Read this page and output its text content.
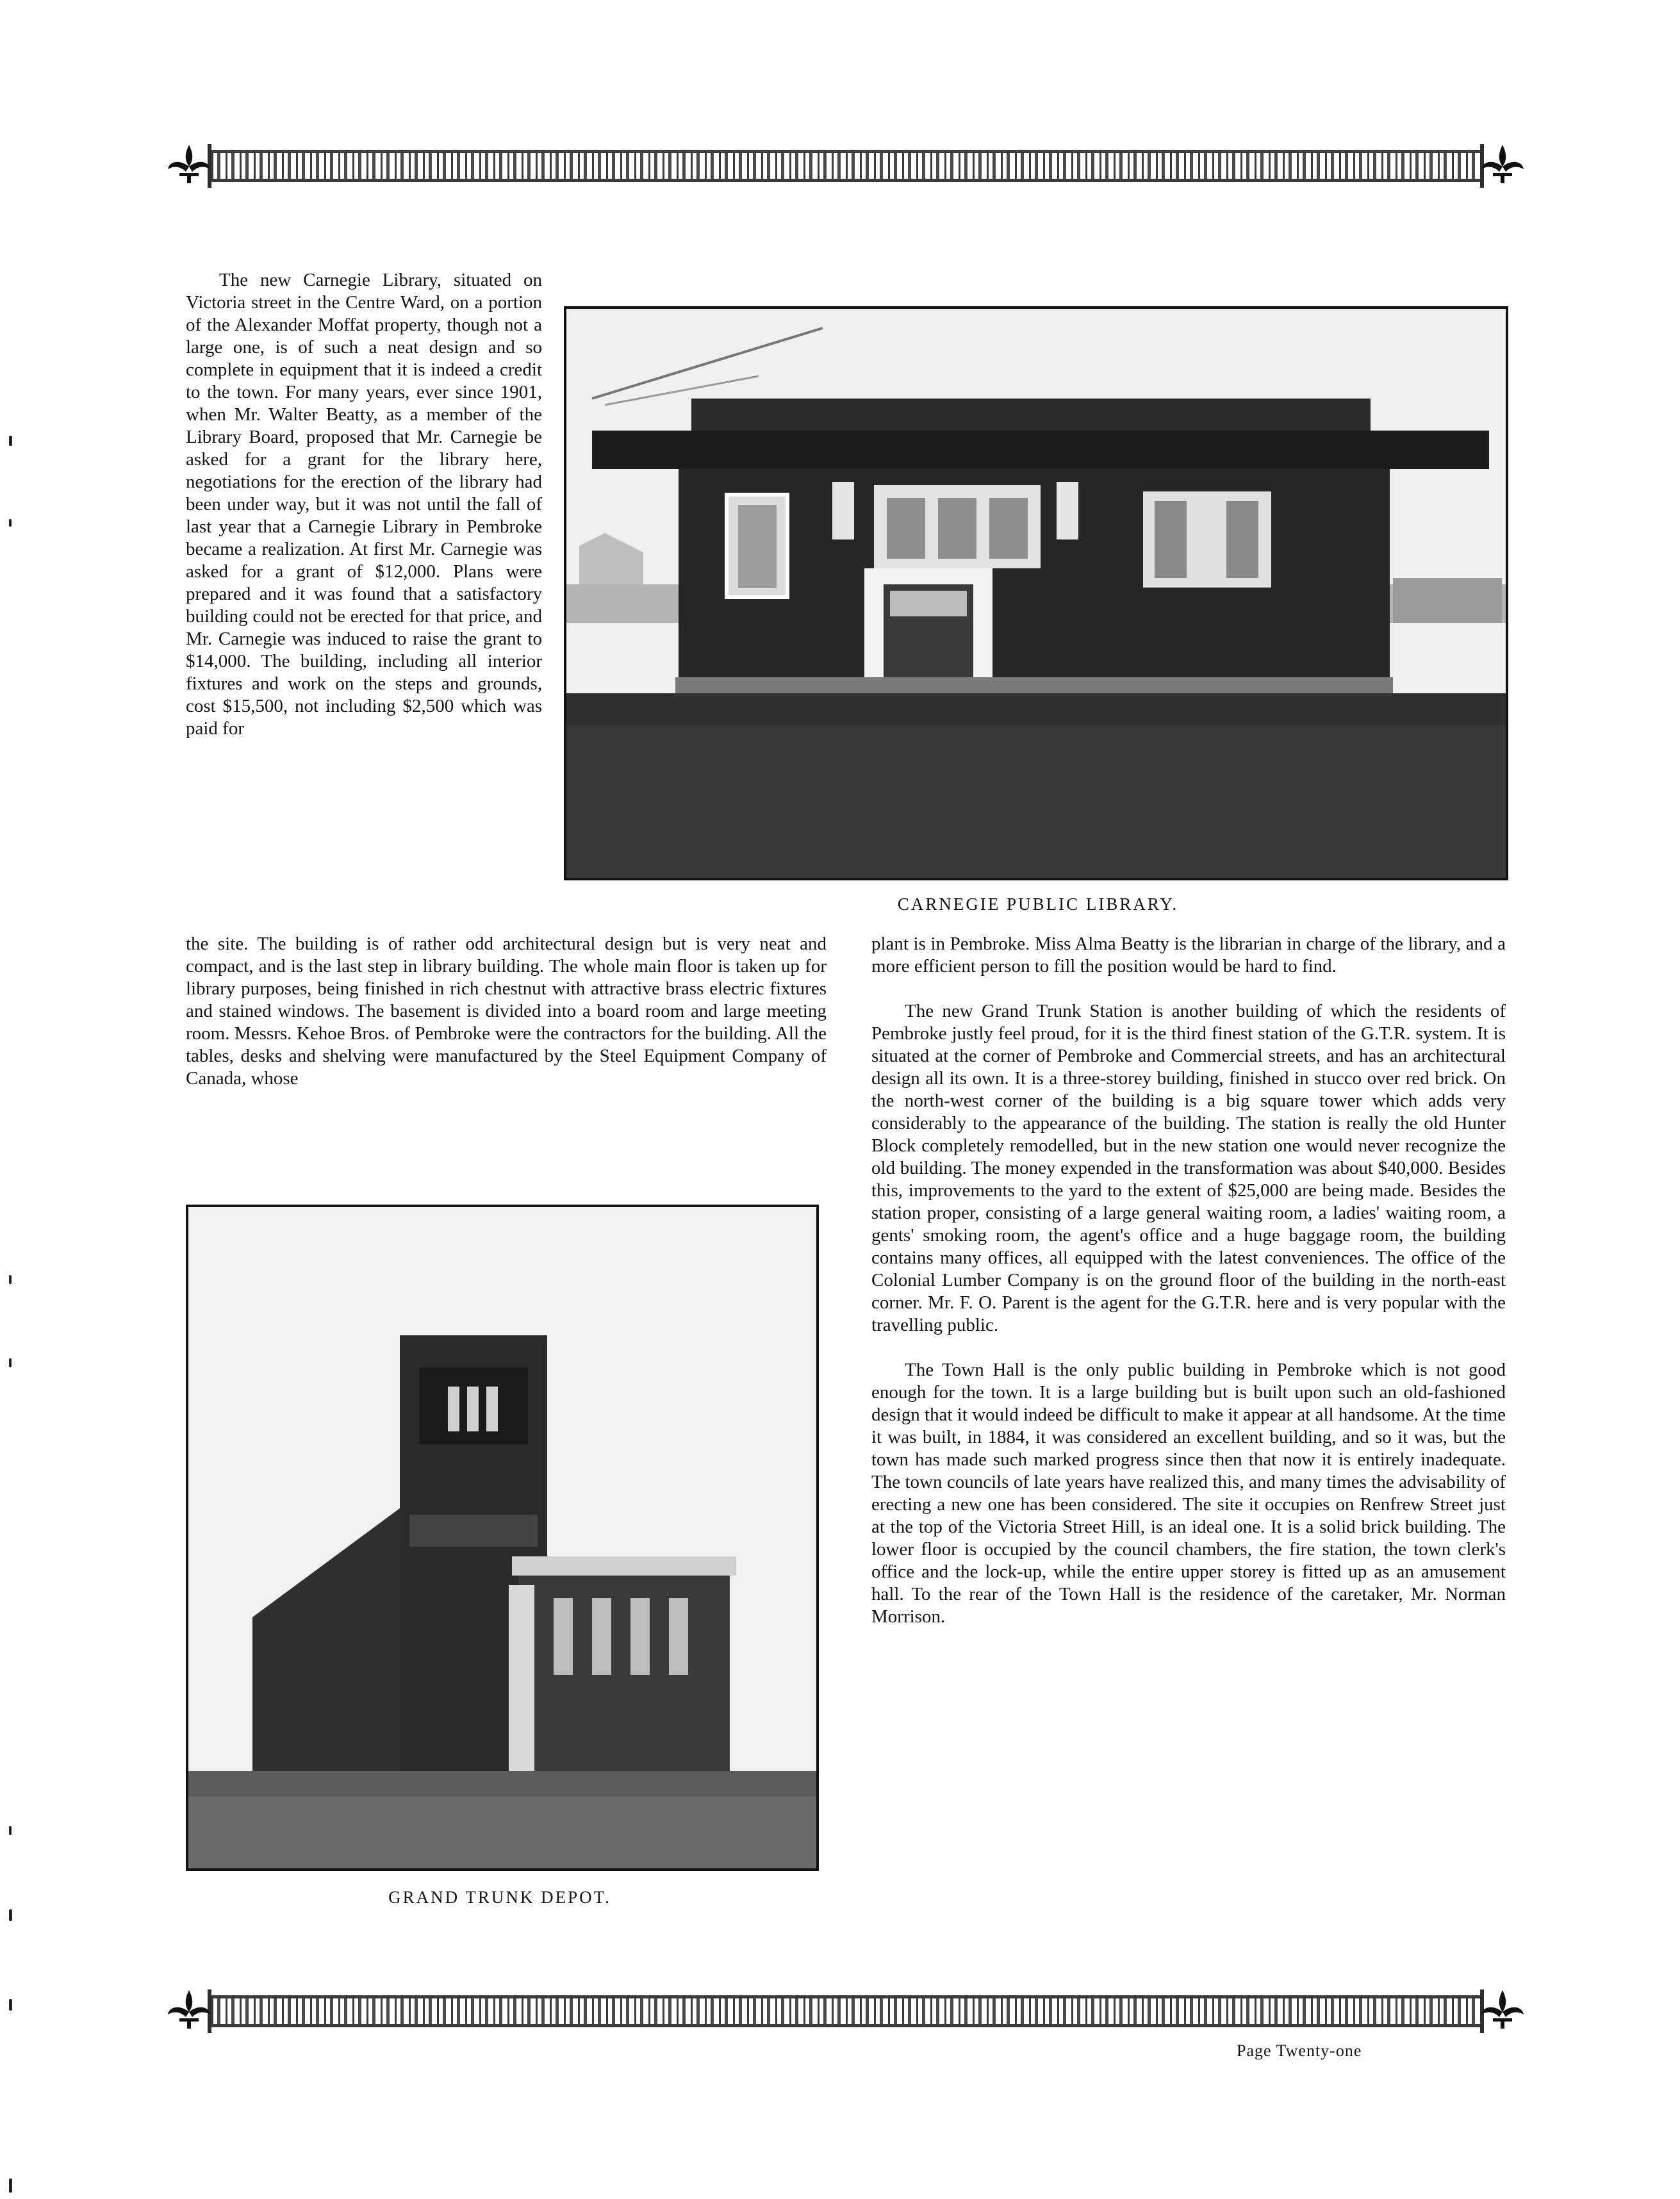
The new Carnegie Library, situated on Victoria street in the Centre Ward, on a portion of the Alexander Moffat property, though not a large one, is of such a neat design and so complete in equipment that it is indeed a credit to the town. For many years, ever since 1901, when Mr. Walter Beatty, as a member of the Library Board, proposed that Mr. Carnegie be asked for a grant for the library here, negotiations for the erection of the library had been under way, but it was not until the fall of last year that a Carnegie Library in Pembroke became a realization. At first Mr. Carnegie was asked for a grant of $12,000. Plans were prepared and it was found that a satisfactory building could not be erected for that price, and Mr. Carnegie was induced to raise the grant to $14,000. The building, including all interior fixtures and work on the steps and grounds, cost $15,500, not including $2,500 which was paid for

CARNEGIE PUBLIC LIBRARY.

the site. The building is of rather odd architectural design but is very neat and compact, and is the last step in library building. The whole main floor is taken up for library purposes, being finished in rich chestnut with attractive brass electric fixtures and stained windows. The basement is divided into a board room and large meeting room. Messrs. Kehoe Bros. of Pembroke were the contractors for the building. All the tables, desks and shelving were manufactured by the Steel Equipment Company of Canada, whose

GRAND TRUNK DEPOT.

plant is in Pembroke. Miss Alma Beatty is the librarian in charge of the library, and a more efficient person to fill the position would be hard to find.

The new Grand Trunk Station is another building of which the residents of Pembroke justly feel proud, for it is the third finest station of the G.T.R. system. It is situated at the corner of Pembroke and Commercial streets, and has an architectural design all its own. It is a three-storey building, finished in stucco over red brick. On the north-west corner of the building is a big square tower which adds very considerably to the appearance of the building. The station is really the old Hunter Block completely remodelled, but in the new station one would never recognize the old building. The money expended in the transformation was about $40,000. Besides this, improvements to the yard to the extent of $25,000 are being made. Besides the station proper, consisting of a large general waiting room, a ladies' waiting room, a gents' smoking room, the agent's office and a huge baggage room, the building contains many offices, all equipped with the latest conveniences. The office of the Colonial Lumber Company is on the ground floor of the building in the north-east corner. Mr. F. O. Parent is the agent for the G.T.R. here and is very popular with the travelling public.

The Town Hall is the only public building in Pembroke which is not good enough for the town. It is a large building but is built upon such an old-fashioned design that it would indeed be difficult to make it appear at all handsome. At the time it was built, in 1884, it was considered an excellent building, and so it was, but the town has made such marked progress since then that now it is entirely inadequate. The town councils of late years have realized this, and many times the advisability of erecting a new one has been considered. The site it occupies on Renfrew Street just at the top of the Victoria Street Hill, is an ideal one. It is a solid brick building. The lower floor is occupied by the council chambers, the fire station, the town clerk's office and the lock-up, while the entire upper storey is fitted up as an amusement hall. To the rear of the Town Hall is the residence of the caretaker, Mr. Norman Morrison.

Page Twenty-one
